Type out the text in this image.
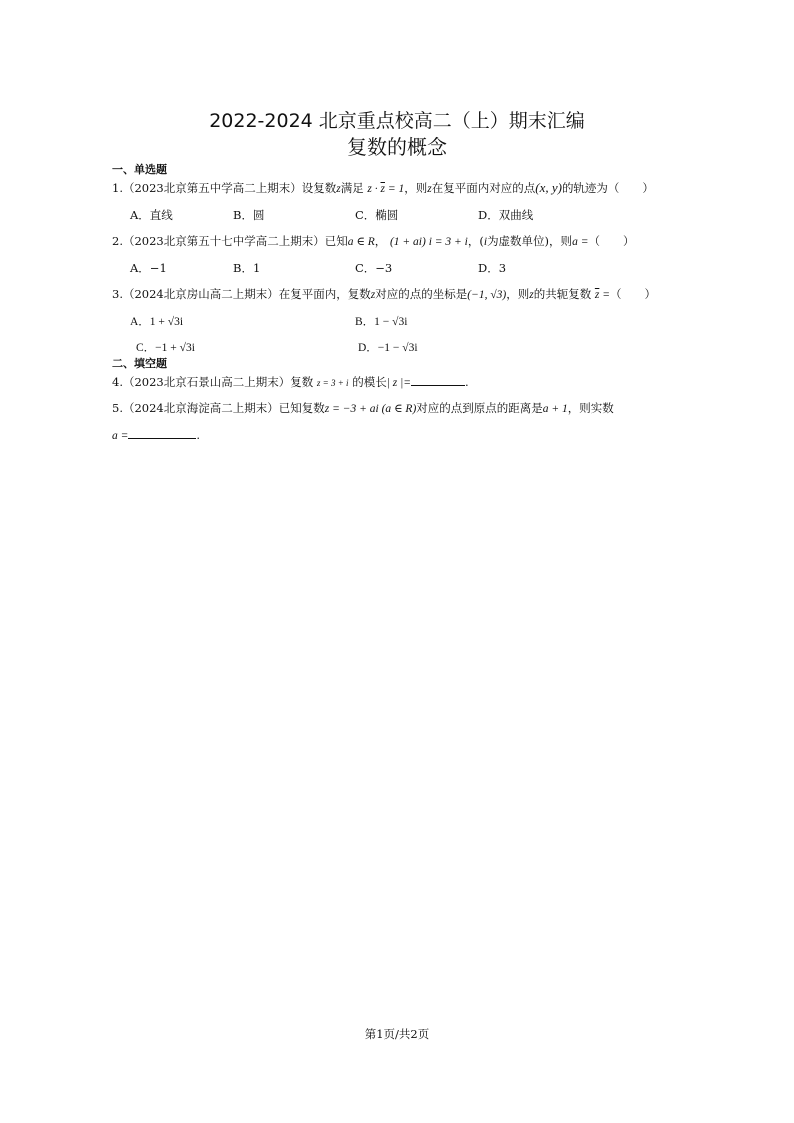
2022-2024 北京重点校高二（上）期末汇编
复数的概念
一、单选题
1.（2023北京第五中学高二上期末）设复数z满足 $z \cdot \overline{z} = 1$，则z在复平面内对应的点(x, y)的轨迹为（　　）
A．直线	B．圆	C．椭圆	D．双曲线
2.（2023北京第五十七中学高二上期末）已知a ∈ R， (1 + ai) i = 3 + i，(i为虚数单位)，则a =（　　）
A．−1	B．1	C．−3	D．3
3.（2024北京房山高二上期末）在复平面内，复数z对应的点的坐标是(−1, √3)，则z的共轭复数 $\overline{z}$ =（　　）
A．1 + √3i	B．1 − √3i
C．−1 + √3i	D．−1 − √3i
二、填空题
4.（2023北京石景山高二上期末）复数 z = 3 + i 的模长| z |=	.
5.（2024北京海淀高二上期末）已知复数z = −3 + ai (a ∈ R)对应的点到原点的距离是a + 1，则实数
a =	.
第1页/共2页
